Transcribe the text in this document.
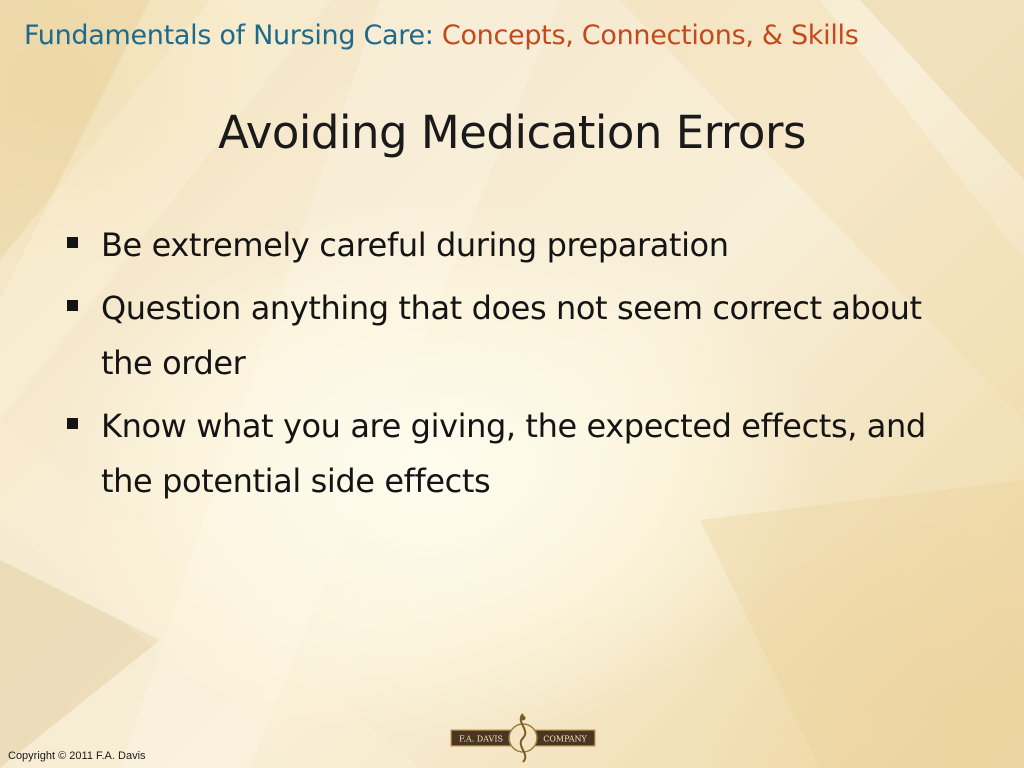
Fundamentals of Nursing Care: Concepts, Connections, & Skills
Avoiding Medication Errors
Be extremely careful during preparation
Question anything that does not seem correct about the order
Know what you are giving, the expected effects, and the potential side effects
F.A. DAVIS	COMPANY
Copyright © 2011 F.A. Davis
